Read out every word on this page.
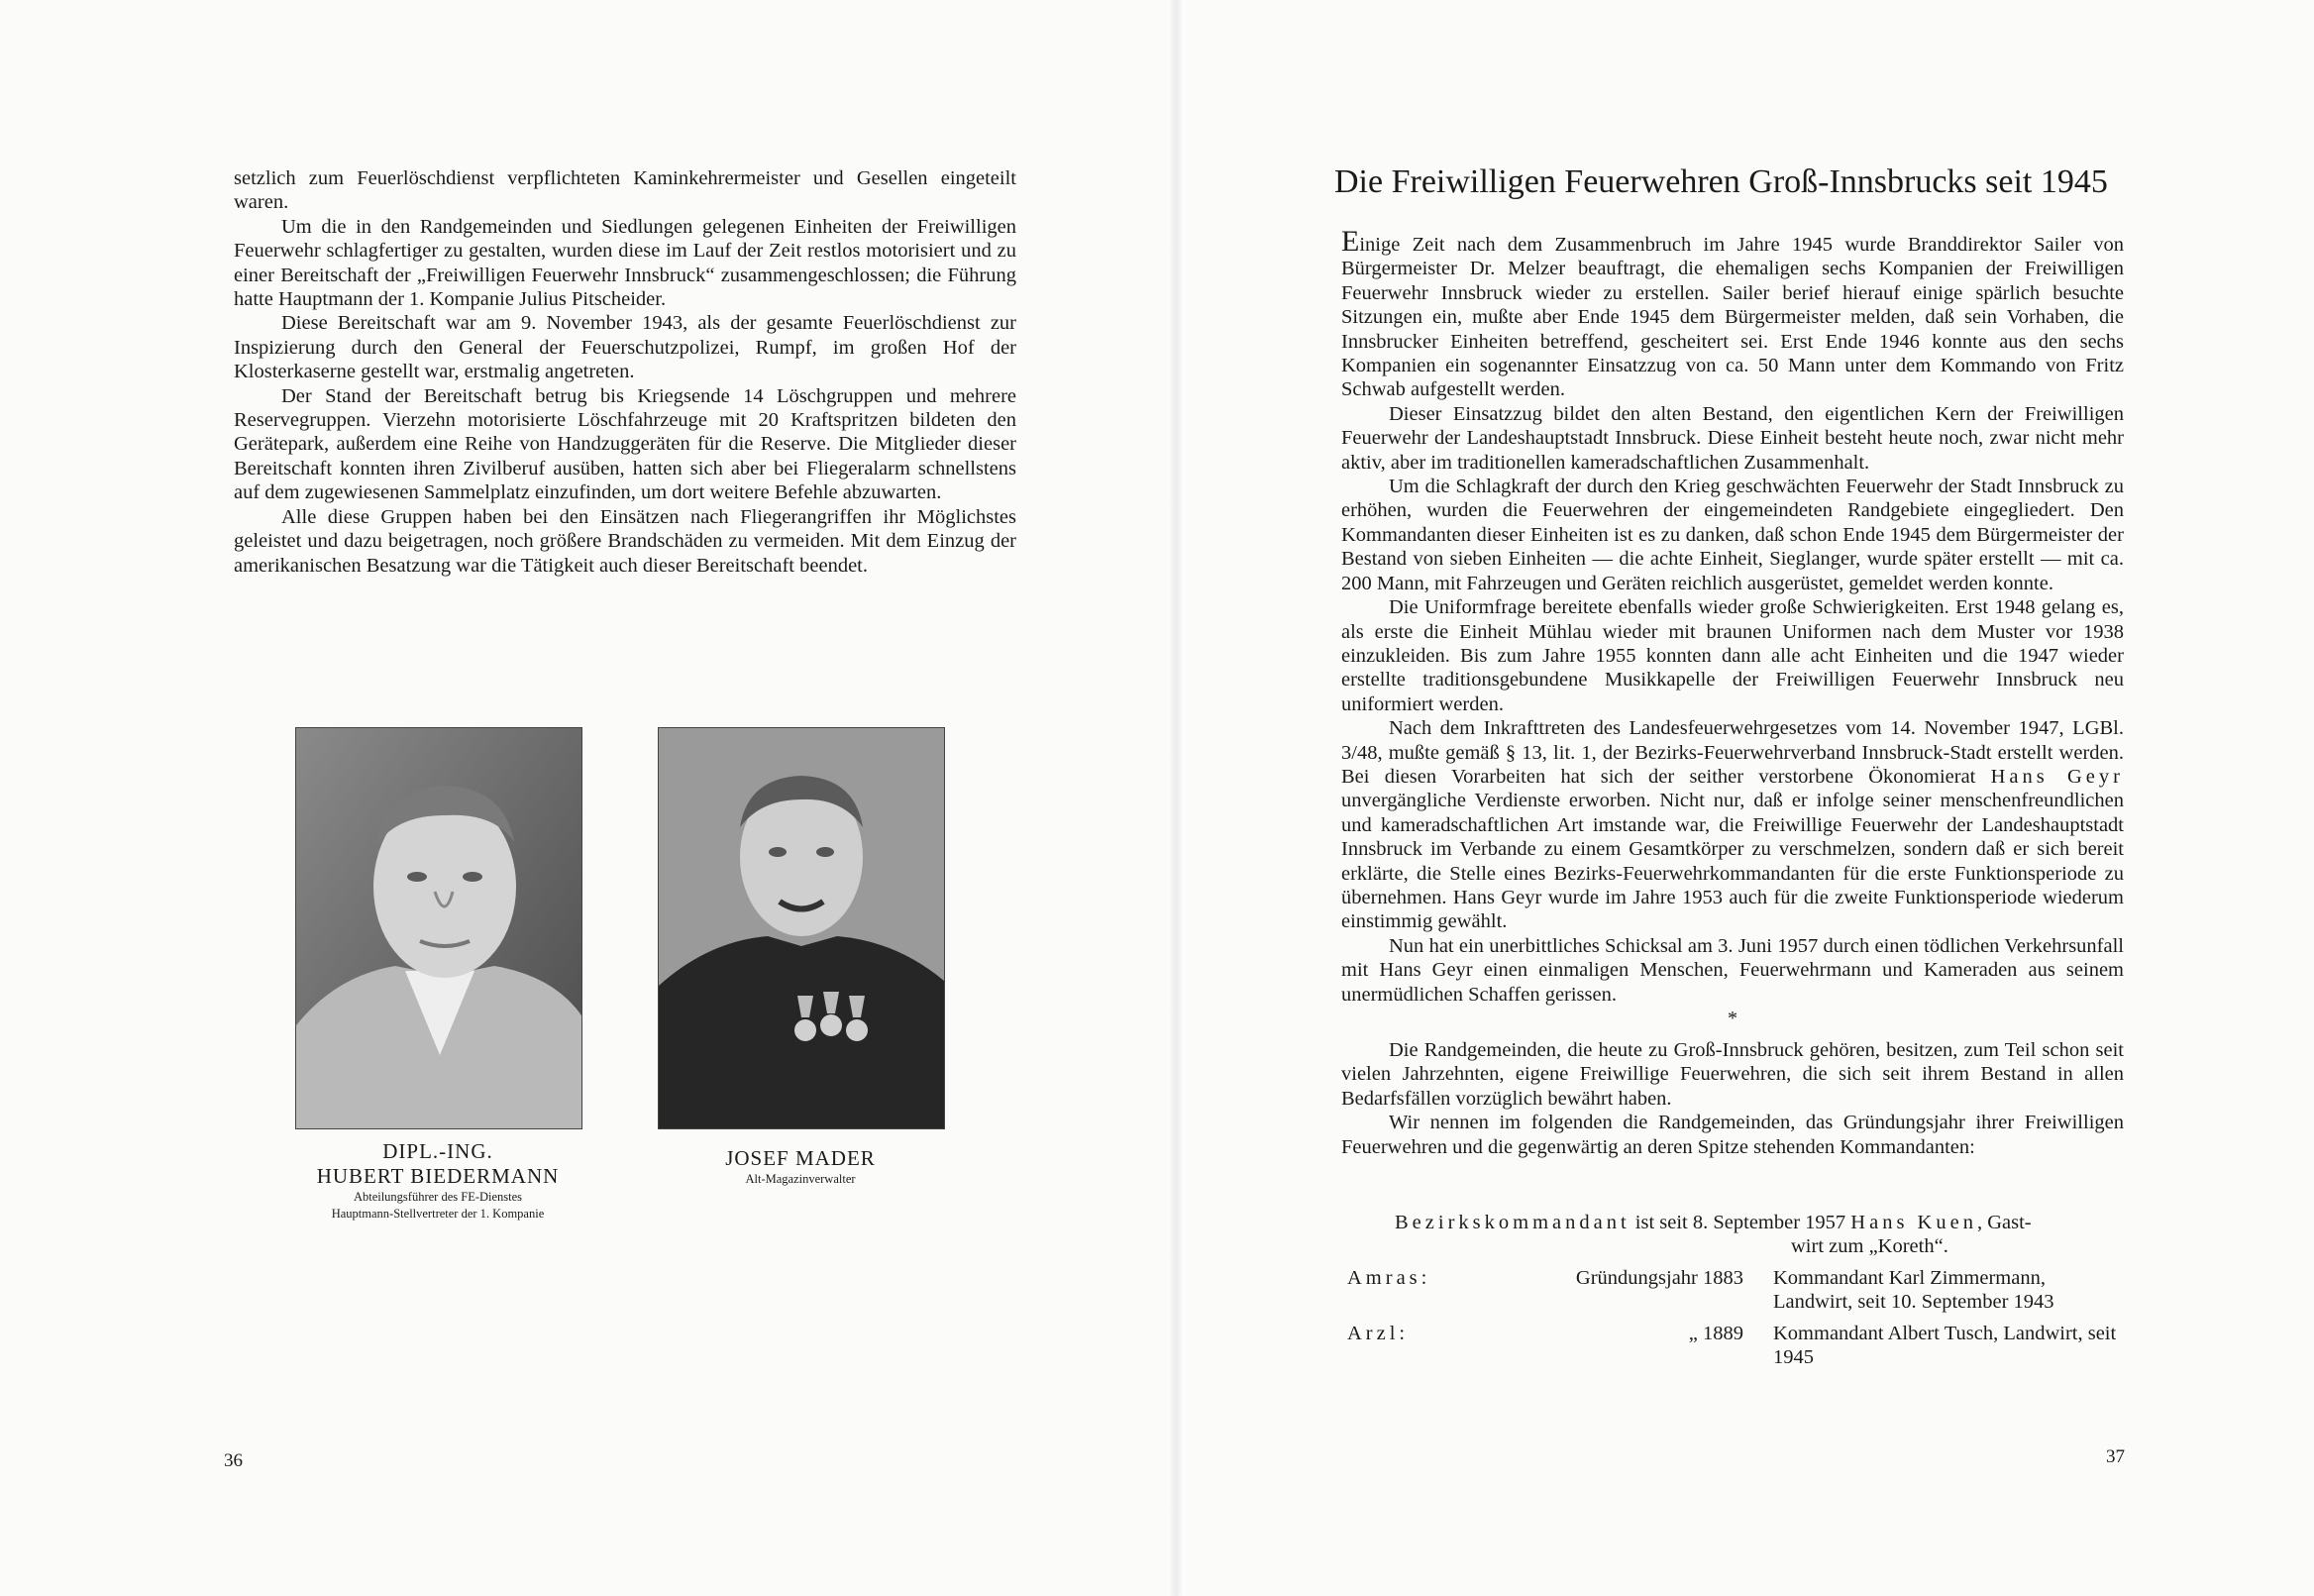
setzlich zum Feuerlöschdienst verpflichteten Kaminkehrermeister und Gesellen eingeteilt waren.

Um die in den Randgemeinden und Siedlungen gelegenen Einheiten der Freiwilligen Feuerwehr schlagfertiger zu gestalten, wurden diese im Lauf der Zeit restlos motorisiert und zu einer Bereitschaft der „Freiwilligen Feuerwehr Innsbruck“ zusammengeschlossen; die Führung hatte Hauptmann der 1. Kompanie Julius Pitscheider.

Diese Bereitschaft war am 9. November 1943, als der gesamte Feuerlöschdienst zur Inspizierung durch den General der Feuerschutzpolizei, Rumpf, im großen Hof der Klosterkaserne gestellt war, erstmalig angetreten.

Der Stand der Bereitschaft betrug bis Kriegsende 14 Löschgruppen und mehrere Reservegruppen. Vierzehn motorisierte Löschfahrzeuge mit 20 Kraftspritzen bildeten den Gerätepark, außerdem eine Reihe von Handzuggeräten für die Reserve. Die Mitglieder dieser Bereitschaft konnten ihren Zivilberuf ausüben, hatten sich aber bei Fliegeralarm schnellstens auf dem zugewiesenen Sammelplatz einzufinden, um dort weitere Befehle abzuwarten.

Alle diese Gruppen haben bei den Einsätzen nach Fliegerangriffen ihr Möglichstes geleistet und dazu beigetragen, noch größere Brandschäden zu vermeiden. Mit dem Einzug der amerikanischen Besatzung war die Tätigkeit auch dieser Bereitschaft beendet.

DIPL.-ING.

HUBERT BIEDERMANN

Abteilungsführer des FE-Dienstes

Hauptmann-Stellvertreter der 1. Kompanie

JOSEF MADER

Alt-Magazinverwalter

36
Die Freiwilligen Feuerwehren Groß-Innsbrucks seit 1945

Einige Zeit nach dem Zusammenbruch im Jahre 1945 wurde Branddirektor Sailer von Bürgermeister Dr. Melzer beauftragt, die ehemaligen sechs Kompanien der Freiwilligen Feuerwehr Innsbruck wieder zu erstellen. Sailer berief hierauf einige spärlich besuchte Sitzungen ein, mußte aber Ende 1945 dem Bürgermeister melden, daß sein Vorhaben, die Innsbrucker Einheiten betreffend, gescheitert sei. Erst Ende 1946 konnte aus den sechs Kompanien ein sogenannter Einsatzzug von ca. 50 Mann unter dem Kommando von Fritz Schwab aufgestellt werden.

Dieser Einsatzzug bildet den alten Bestand, den eigentlichen Kern der Freiwilligen Feuerwehr der Landeshauptstadt Innsbruck. Diese Einheit besteht heute noch, zwar nicht mehr aktiv, aber im traditionellen kameradschaftlichen Zusammenhalt.

Um die Schlagkraft der durch den Krieg geschwächten Feuerwehr der Stadt Innsbruck zu erhöhen, wurden die Feuerwehren der eingemeindeten Randgebiete eingegliedert. Den Kommandanten dieser Einheiten ist es zu danken, daß schon Ende 1945 dem Bürgermeister der Bestand von sieben Einheiten — die achte Einheit, Sieglanger, wurde später erstellt — mit ca. 200 Mann, mit Fahrzeugen und Geräten reichlich ausgerüstet, gemeldet werden konnte.

Die Uniformfrage bereitete ebenfalls wieder große Schwierigkeiten. Erst 1948 gelang es, als erste die Einheit Mühlau wieder mit braunen Uniformen nach dem Muster vor 1938 einzukleiden. Bis zum Jahre 1955 konnten dann alle acht Einheiten und die 1947 wieder erstellte traditionsgebundene Musikkapelle der Freiwilligen Feuerwehr Innsbruck neu uniformiert werden.

Nach dem Inkrafttreten des Landesfeuerwehrgesetzes vom 14. November 1947, LGBl. 3/48, mußte gemäß § 13, lit. 1, der Bezirks-Feuerwehrverband Innsbruck-Stadt erstellt werden. Bei diesen Vorarbeiten hat sich der seither verstorbene Ökonomierat Hans Geyr unvergängliche Verdienste erworben. Nicht nur, daß er infolge seiner menschenfreundlichen und kameradschaftlichen Art imstande war, die Freiwillige Feuerwehr der Landeshauptstadt Innsbruck im Verbande zu einem Gesamtkörper zu verschmelzen, sondern daß er sich bereit erklärte, die Stelle eines Bezirks-Feuerwehrkommandanten für die erste Funktionsperiode zu übernehmen. Hans Geyr wurde im Jahre 1953 auch für die zweite Funktionsperiode wiederum einstimmig gewählt.

Nun hat ein unerbittliches Schicksal am 3. Juni 1957 durch einen tödlichen Verkehrsunfall mit Hans Geyr einen einmaligen Menschen, Feuerwehrmann und Kameraden aus seinem unermüdlichen Schaffen gerissen.

*

Die Randgemeinden, die heute zu Groß-Innsbruck gehören, besitzen, zum Teil schon seit vielen Jahrzehnten, eigene Freiwillige Feuerwehren, die sich seit ihrem Bestand in allen Bedarfsfällen vorzüglich bewährt haben.

Wir nennen im folgenden die Randgemeinden, das Gründungsjahr ihrer Freiwilligen Feuerwehren und die gegenwärtig an deren Spitze stehenden Kommandanten:

Bezirkskommandant ist seit 8. September 1957 Hans Kuen, Gast-
wirt zum „Koreth“.
Amras:	Gründungsjahr 1883	Kommandant Karl Zimmermann, Landwirt, seit 10. September 1943
Arzl:	„ 1889	Kommandant Albert Tusch, Landwirt, seit 1945
37
